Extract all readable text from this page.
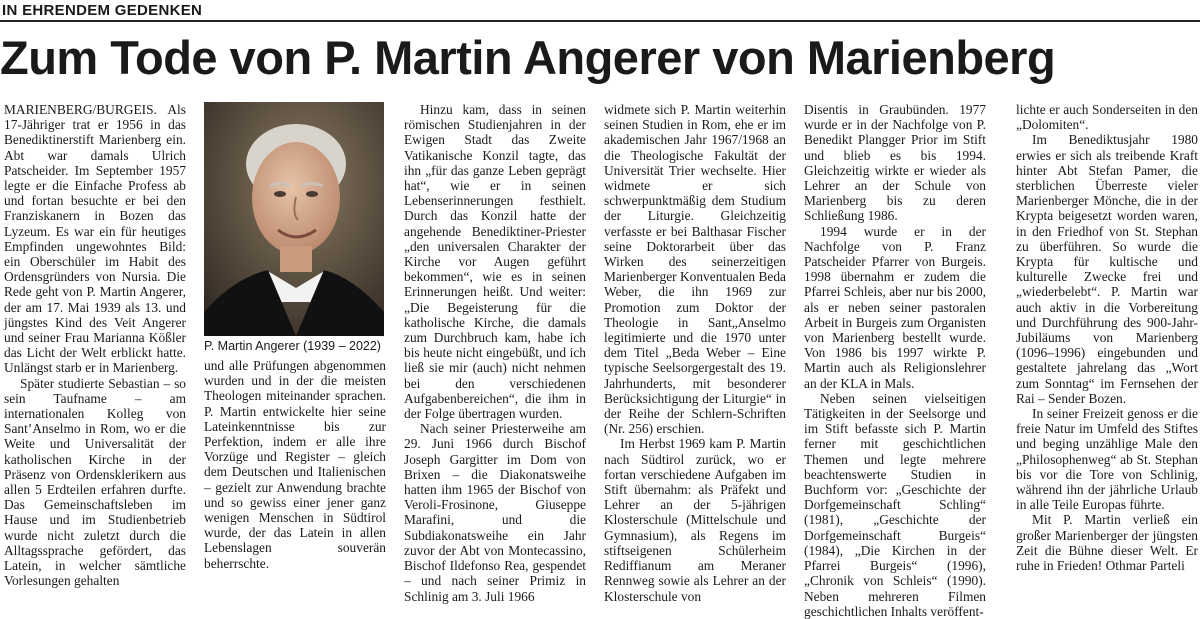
IN EHRENDEM GEDENKEN
Zum Tode von P. Martin Angerer von Marienberg

MARIENBERG/BURGEIS. Als 17-Jähriger trat er 1956 in das Benediktinerstift Marienberg ein. Abt war damals Ulrich Patscheider. Im September 1957 legte er die Einfache Profess ab und fortan besuchte er bei den Franziskanern in Bozen das Lyzeum. Es war ein für heutiges Empfinden ungewohntes Bild: ein Oberschüler im Habit des Ordensgründers von Nursia. Die Rede geht von P. Martin Angerer, der am 17. Mai 1939 als 13. und jüngstes Kind des Veit Angerer und seiner Frau Marianna Kößler das Licht der Welt erblickt hatte. Unlängst starb er in Marienberg.

Später studierte Sebastian – so sein Taufname – am internationalen Kolleg von Sant’Anselmo in Rom, wo er die Weite und Universalität der katholischen Kirche in der Präsenz von Ordensklerikern aus allen 5 Erdteilen erfahren durfte. Das Gemeinschaftsleben im Hause und im Studienbetrieb wurde nicht zuletzt durch die Alltagssprache gefördert, das Latein, in welcher sämtliche Vorlesungen gehalten

P. Martin Angerer (1939 – 2022)

und alle Prüfungen abgenommen wurden und in der die meisten Theologen miteinander sprachen. P. Martin entwickelte hier seine Lateinkenntnisse bis zur Perfektion, indem er alle ihre Vorzüge und Register – gleich dem Deutschen und Italienischen – gezielt zur Anwendung brachte und so gewiss einer jener ganz wenigen Menschen in Südtirol wurde, der das Latein in allen Lebenslagen souverän beherrschte.

Hinzu kam, dass in seinen römischen Studienjahren in der Ewigen Stadt das Zweite Vatikanische Konzil tagte, das ihn „für das ganze Leben geprägt hat“, wie er in seinen Lebenserinnerungen festhielt. Durch das Konzil hatte der angehende Benediktiner-Priester „den universalen Charakter der Kirche vor Augen geführt bekommen“, wie es in seinen Erinnerungen heißt. Und weiter: „Die Begeisterung für die katholische Kirche, die damals zum Durchbruch kam, habe ich bis heute nicht eingebüßt, und ich ließ sie mir (auch) nicht nehmen bei den verschiedenen Aufgabenbereichen“, die ihm in der Folge übertragen wurden.

Nach seiner Priesterweihe am 29. Juni 1966 durch Bischof Joseph Gargitter im Dom von Brixen – die Diakonatsweihe hatten ihm 1965 der Bischof von Veroli-Frosinone, Giuseppe Marafini, und die Subdiakonatsweihe ein Jahr zuvor der Abt von Montecassino, Bischof Ildefonso Rea, gespendet – und nach seiner Primiz in Schlinig am 3. Juli 1966

widmete sich P. Martin weiterhin seinen Studien in Rom, ehe er im akademischen Jahr 1967/1968 an die Theologische Fakultät der Universität Trier wechselte. Hier widmete er sich schwerpunktmäßig dem Studium der Liturgie. Gleichzeitig verfasste er bei Balthasar Fischer seine Doktorarbeit über das Wirken des seinerzeitigen Marienberger Konventualen Beda Weber, die ihn 1969 zur Promotion zum Doktor der Theologie in Sant„Anselmo legitimierte und die 1970 unter dem Titel „Beda Weber – Eine typische Seelsorgergestalt des 19. Jahrhunderts, mit besonderer Berücksichtigung der Liturgie“ in der Reihe der Schlern-Schriften (Nr. 256) erschien.

Im Herbst 1969 kam P. Martin nach Südtirol zurück, wo er fortan verschiedene Aufgaben im Stift übernahm: als Präfekt und Lehrer an der 5-jährigen Klosterschule (Mittelschule und Gymnasium), als Regens im stiftseigenen Schülerheim Rediffianum am Meraner Rennweg sowie als Lehrer an der Klosterschule von

Disentis in Graubünden. 1977 wurde er in der Nachfolge von P. Benedikt Plangger Prior im Stift und blieb es bis 1994. Gleichzeitig wirkte er wieder als Lehrer an der Schule von Marienberg bis zu deren Schließung 1986.

1994 wurde er in der Nachfolge von P. Franz Patscheider Pfarrer von Burgeis. 1998 übernahm er zudem die Pfarrei Schleis, aber nur bis 2000, als er neben seiner pastoralen Arbeit in Burgeis zum Organisten von Marienberg bestellt wurde. Von 1986 bis 1997 wirkte P. Martin auch als Religionslehrer an der KLA in Mals.

Neben seinen vielseitigen Tätigkeiten in der Seelsorge und im Stift befasste sich P. Martin ferner mit geschichtlichen Themen und legte mehrere beachtenswerte Studien in Buchform vor: „Geschichte der Dorfgemeinschaft Schling“ (1981), „Geschichte der Dorfgemeinschaft Burgeis“ (1984), „Die Kirchen in der Pfarrei Burgeis“ (1996), „Chronik von Schleis“ (1990). Neben mehreren Filmen geschichtlichen Inhalts veröffent-

lichte er auch Sonderseiten in den „Dolomiten“.

Im Benediktusjahr 1980 erwies er sich als treibende Kraft hinter Abt Stefan Pamer, die sterblichen Überreste vieler Marienberger Mönche, die in der Krypta beigesetzt worden waren, in den Friedhof von St. Stephan zu überführen. So wurde die Krypta für kultische und kulturelle Zwecke frei und „wiederbelebt“. P. Martin war auch aktiv in die Vorbereitung und Durchführung des 900-Jahr-Jubiläums von Marienberg (1096–1996) eingebunden und gestaltete jahrelang das „Wort zum Sonntag“ im Fernsehen der Rai – Sender Bozen.

In seiner Freizeit genoss er die freie Natur im Umfeld des Stiftes und beging unzählige Male den „Philosophenweg“ ab St. Stephan bis vor die Tore von Schlinig, während ihn der jährliche Urlaub in alle Teile Europas führte.

Mit P. Martin verließ ein großer Marienberger der jüngsten Zeit die Bühne dieser Welt. Er ruhe in Frieden! Othmar Parteli
